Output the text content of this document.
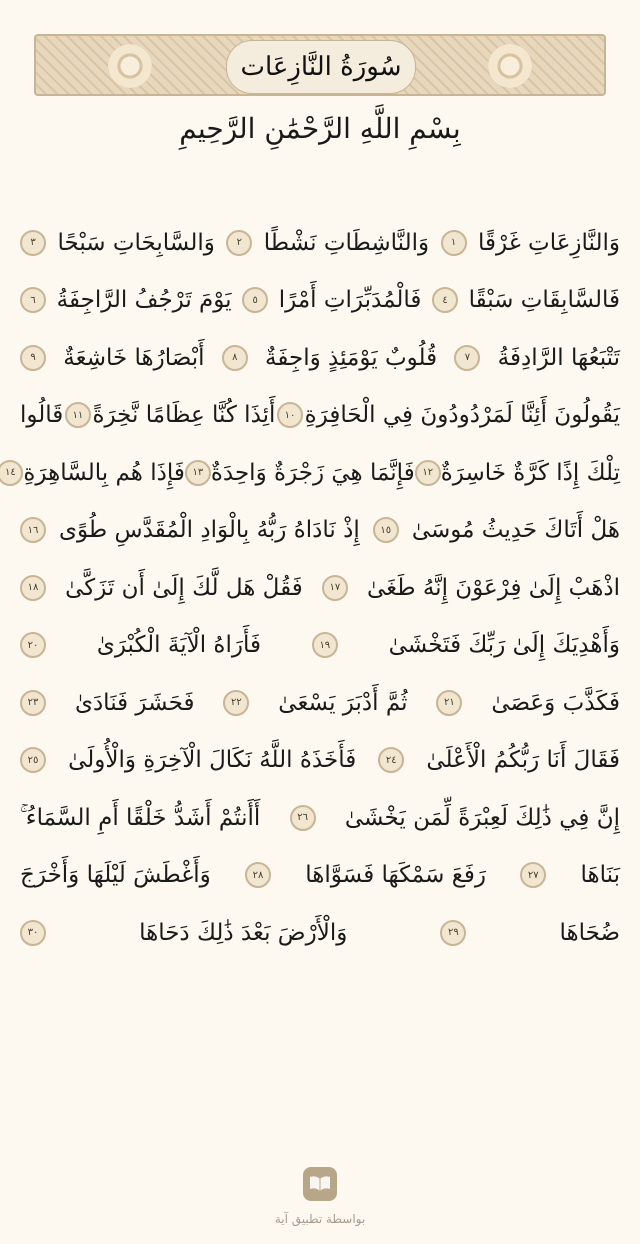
سُورَةُ النَّازِعَات
بِسْمِ اللَّهِ الرَّحْمَٰنِ الرَّحِيمِ
وَالنَّازِعَاتِ غَرْقًا
١
وَالنَّاشِطَاتِ نَشْطًا
٢
وَالسَّابِحَاتِ سَبْحًا
٣
فَالسَّابِقَاتِ سَبْقًا
٤
فَالْمُدَبِّرَاتِ أَمْرًا
٥
يَوْمَ تَرْجُفُ الرَّاجِفَةُ
٦
تَتْبَعُهَا الرَّادِفَةُ
٧
قُلُوبٌ يَوْمَئِذٍ وَاجِفَةٌ
٨
أَبْصَارُهَا خَاشِعَةٌ
٩
يَقُولُونَ أَئِنَّا لَمَرْدُودُونَ فِي الْحَافِرَةِ
١٠
أَئِذَا كُنَّا عِظَامًا نَّخِرَةً
١١
قَالُوا
تِلْكَ إِذًا كَرَّةٌ خَاسِرَةٌ
١٢
فَإِنَّمَا هِيَ زَجْرَةٌ وَاحِدَةٌ
١٣
فَإِذَا هُم بِالسَّاهِرَةِ
١٤
هَلْ أَتَاكَ حَدِيثُ مُوسَىٰ
١٥
إِذْ نَادَاهُ رَبُّهُ بِالْوَادِ الْمُقَدَّسِ طُوًى
١٦
اذْهَبْ إِلَىٰ فِرْعَوْنَ إِنَّهُ طَغَىٰ
١٧
فَقُلْ هَل لَّكَ إِلَىٰ أَن تَزَكَّىٰ
١٨
وَأَهْدِيَكَ إِلَىٰ رَبِّكَ فَتَخْشَىٰ
١٩
فَأَرَاهُ الْآيَةَ الْكُبْرَىٰ
٢٠
فَكَذَّبَ وَعَصَىٰ
٢١
ثُمَّ أَدْبَرَ يَسْعَىٰ
٢٢
فَحَشَرَ فَنَادَىٰ
٢٣
فَقَالَ أَنَا رَبُّكُمُ الْأَعْلَىٰ
٢٤
فَأَخَذَهُ اللَّهُ نَكَالَ الْآخِرَةِ وَالْأُولَىٰ
٢٥
إِنَّ فِي ذَٰلِكَ لَعِبْرَةً لِّمَن يَخْشَىٰ
٢٦
أَأَنتُمْ أَشَدُّ خَلْقًا أَمِ السَّمَاءُ ۚ
بَنَاهَا
٢٧
رَفَعَ سَمْكَهَا فَسَوَّاهَا
٢٨
وَأَغْطَشَ لَيْلَهَا وَأَخْرَجَ
ضُحَاهَا
٢٩
وَالْأَرْضَ بَعْدَ ذَٰلِكَ دَحَاهَا
٣٠
بواسطة تطبيق آية
